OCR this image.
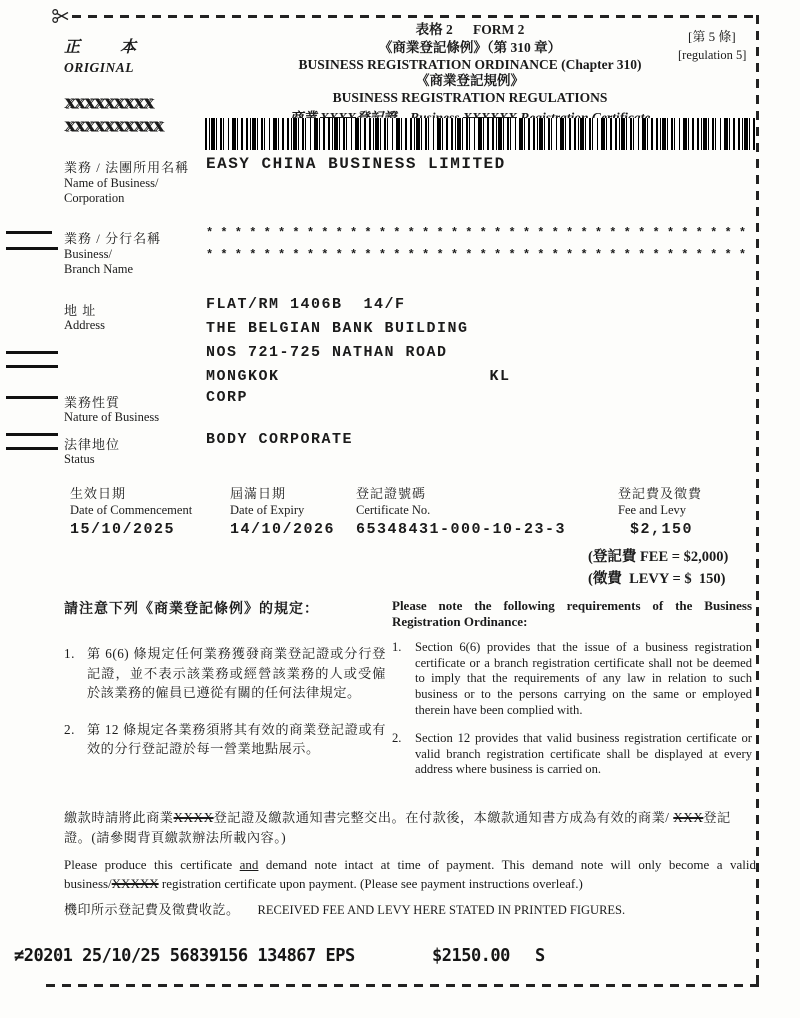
正　本
ORIGINAL
[第 5 條]
[regulation 5]
表格 2　  FORM 2
《商業登記條例》（第 310 章）
BUSINESS REGISTRATION ORDINANCE (Chapter 310)
《商業登記規例》
BUSINESS REGISTRATION REGULATIONS

XXXXXXXXX
XXXXXXXXXX
業務 / 法團所用名稱
Name of Business/
Corporation
EASY CHINA BUSINESS LIMITED
業務 / 分行名稱
Business/
Branch Name
* * * * * * * * * * * * * * * * * * * * * * * * * * * * * * * * * * * * * *
* * * * * * * * * * * * * * * * * * * * * * * * * * * * * * * * * * * * * *
地 址
Address
FLAT/RM 1406B  14/F
THE BELGIAN BANK BUILDING
NOS 721-725 NATHAN ROAD
MONGKOK                    KL
業務性質
Nature of Business
CORP
法律地位
Status
BODY CORPORATE
生效日期
Date of Commencement
15/10/2025
屆滿日期
Date of Expiry
14/10/2026
登記證號碼
Certificate No.
65348431-000-10-23-3
登記費及徵費
Fee and Levy
$2,150
(登記費 FEE = $2,000)
(徵費  LEVY = $  150)
請注意下列《商業登記條例》的規定：
1. 第 6(6) 條規定任何業務獲發商業登記證或分行登記證，並不表示該業務或經營該業務的人或受僱於該業務的僱員已遵從有關的任何法律規定。
2. 第 12 條規定各業務須將其有效的商業登記證或有效的分行登記證於每一營業地點展示。
Please note the following requirements of the Business Registration Ordinance:
1.	Section 6(6) provides that the issue of a business registration certificate or a branch registration certificate shall not be deemed to imply that the requirements of any law in relation to such business or to the persons carrying on the same or employed therein have been complied with.
2.	Section 12 provides that valid business registration certificate or valid branch registration certificate shall be displayed at every address where business is carried on.
繳款時請將此商業XXXX登記證及繳款通知書完整交出。在付款後，本繳款通知書方成為有效的商業/ XXX登記證。(請參閱背頁繳款辦法所載內容。)
Please produce this certificate and demand note intact at time of payment. This demand note will only become a valid business/XXXXX registration certificate upon payment. (Please see payment instructions overleaf.)
機印所示登記費及徵費收訖。 RECEIVED FEE AND LEVY HERE STATED IN PRINTED FIGURES.
≠20201 25/10/25 56839156 134867 EPS	$2150.00 S
